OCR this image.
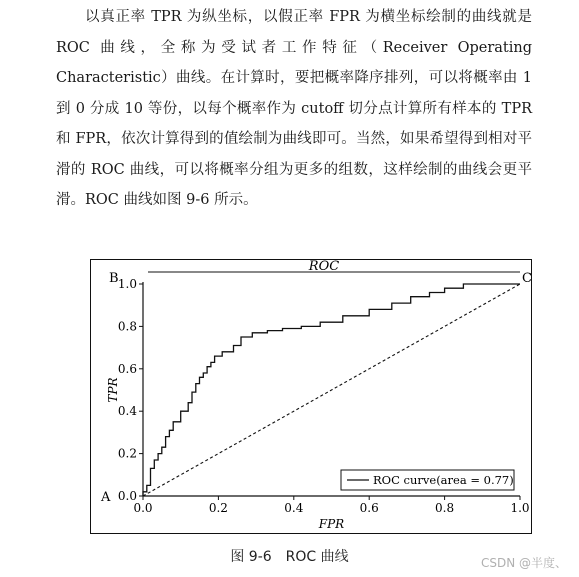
以真正率 TPR 为纵坐标，以假正率 FPR 为横坐标绘制的曲线就是 ROC 曲线，全称为受试者工作特征（Receiver Operating Characteristic）曲线。在计算时，要把概率降序排列，可以将概率由 1 到 0 分成 10 等份，以每个概率作为 cutoff 切分点计算所有样本的 TPR 和 FPR，依次计算得到的值绘制为曲线即可。当然，如果希望得到相对平滑的 ROC 曲线，可以将概率分组为更多的组数，这样绘制的曲线会更平滑。ROC 曲线如图 9-6 所示。

ROC
0.0	0.2	0.4	0.6	0.8	1.0
0.0
0.2
0.4
0.6
0.8
1.0
FPR
TPR
A
B	C
ROC curve(area = 0.77)
图 9-6　ROC 曲线	CSDN @半度、
